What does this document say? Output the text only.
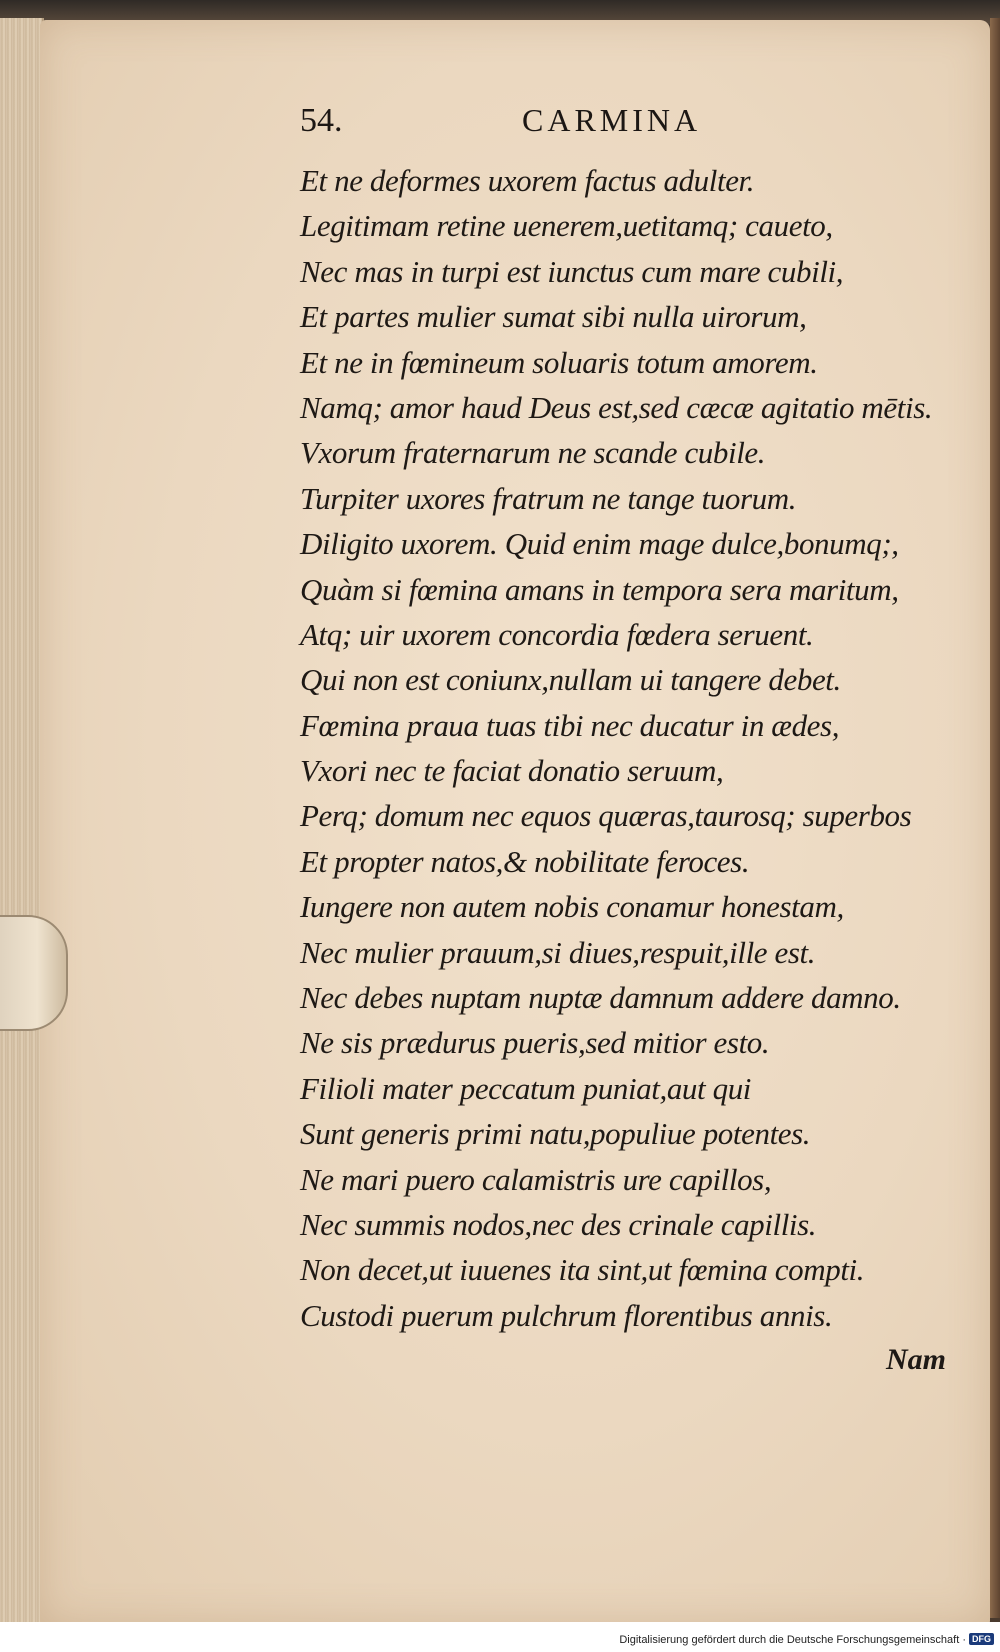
54.	CARMINA
Et ne deformes uxorem factus adulter.
Legitimam retine uenerem,uetitamq; caueto,
Nec mas in turpi est iunctus cum mare cubili,
Et partes mulier sumat sibi nulla uirorum,
Et ne in fœmineum soluaris totum amorem.
Namq; amor haud Deus est,sed cæcæ agitatio mētis.
Vxorum fraternarum ne scande cubile.
Turpiter uxores fratrum ne tange tuorum.
Diligito uxorem. Quid enim mage dulce,bonumq;,
Quàm si fœmina amans in tempora sera maritum,
Atq; uir uxorem concordia fœdera seruent.
Qui non est coniunx,nullam ui tangere debet.
Fœmina praua tuas tibi nec ducatur in ædes,
Vxori nec te faciat donatio seruum,
Perq; domum nec equos quæras,taurosq; superbos
Et propter natos,& nobilitate feroces.
Iungere non autem nobis conamur honestam,
Nec mulier prauum,si diues,respuit,ille est.
Nec debes nuptam nuptæ damnum addere damno.
Ne sis prædurus pueris,sed mitior esto.
Filioli mater peccatum puniat,aut qui
Sunt generis primi natu,populiue potentes.
Ne mari puero calamistris ure capillos,
Nec summis nodos,nec des crinale capillis.
Non decet,ut iuuenes ita sint,ut fœmina compti.
Custodi puerum pulchrum florentibus annis.
Nam
Digitalisierung gefördert durch die Deutsche Forschungsgemeinschaft · DFG
